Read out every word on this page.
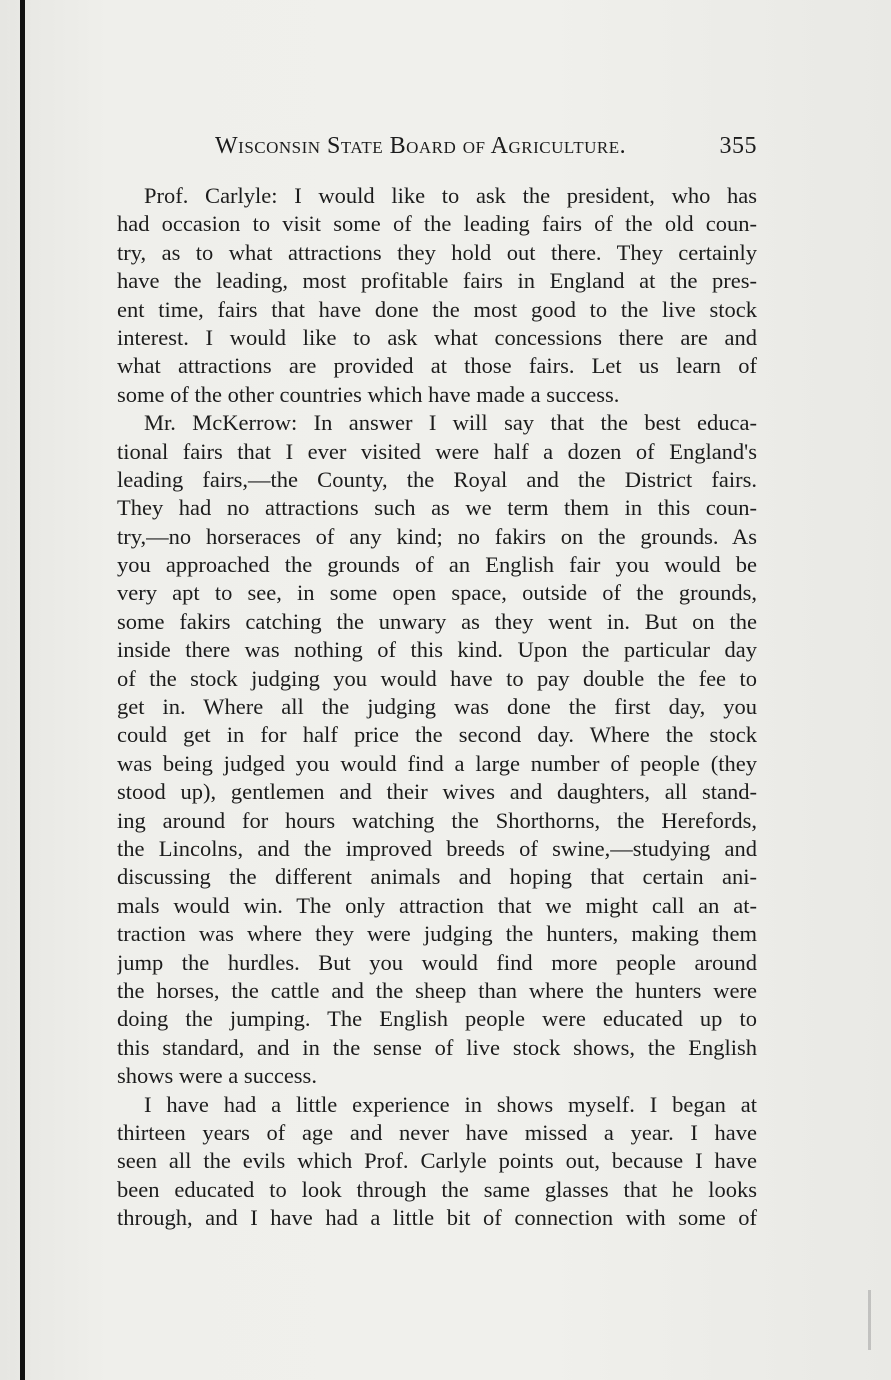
Wisconsin State Board of Agriculture.	355
Prof. Carlyle: I would like to ask the president, who has
had occasion to visit some of the leading fairs of the old coun-
try, as to what attractions they hold out there. They certainly
have the leading, most profitable fairs in England at the pres-
ent time, fairs that have done the most good to the live stock
interest. I would like to ask what concessions there are and
what attractions are provided at those fairs. Let us learn of
some of the other countries which have made a success.
Mr. McKerrow: In answer I will say that the best educa-
tional fairs that I ever visited were half a dozen of England's
leading fairs,—the County, the Royal and the District fairs.
They had no attractions such as we term them in this coun-
try,—no horseraces of any kind; no fakirs on the grounds. As
you approached the grounds of an English fair you would be
very apt to see, in some open space, outside of the grounds,
some fakirs catching the unwary as they went in. But on the
inside there was nothing of this kind. Upon the particular day
of the stock judging you would have to pay double the fee to
get in. Where all the judging was done the first day, you
could get in for half price the second day. Where the stock
was being judged you would find a large number of people (they
stood up), gentlemen and their wives and daughters, all stand-
ing around for hours watching the Shorthorns, the Herefords,
the Lincolns, and the improved breeds of swine,—studying and
discussing the different animals and hoping that certain ani-
mals would win. The only attraction that we might call an at-
traction was where they were judging the hunters, making them
jump the hurdles. But you would find more people around
the horses, the cattle and the sheep than where the hunters were
doing the jumping. The English people were educated up to
this standard, and in the sense of live stock shows, the English
shows were a success.
I have had a little experience in shows myself. I began at
thirteen years of age and never have missed a year. I have
seen all the evils which Prof. Carlyle points out, because I have
been educated to look through the same glasses that he looks
through, and I have had a little bit of connection with some of
